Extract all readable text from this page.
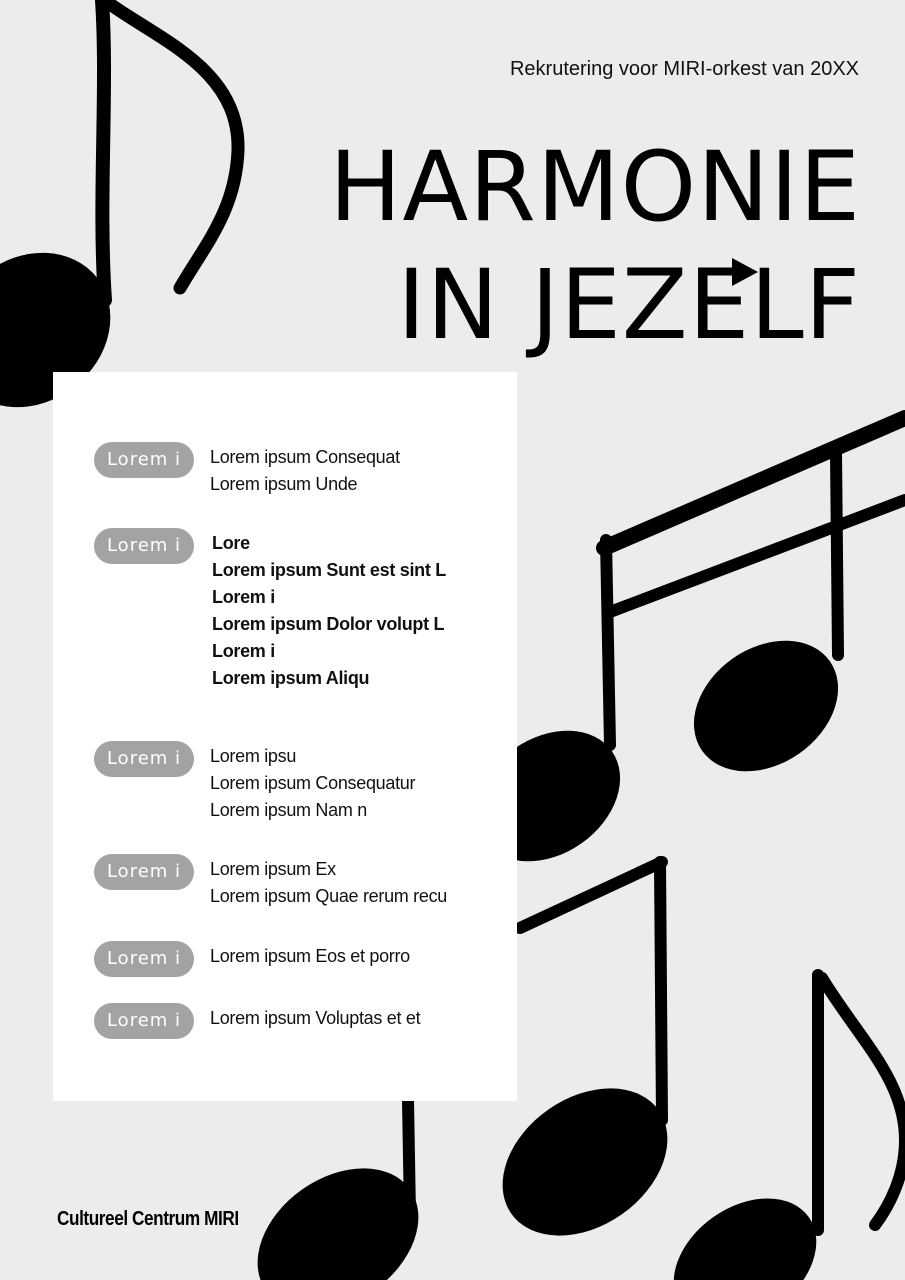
Rekrutering voor MIRI-orkest van 20XX
HARMONIE
IN JEZELF
Lorem i	Lorem ipsum Consequat
Lorem ipsum Unde
Lorem i	Lore
Lorem ipsum Sunt est sint L
Lorem i
Lorem ipsum Dolor volupt L
Lorem i
Lorem ipsum Aliqu
Lorem i	Lorem ipsu
Lorem ipsum Consequatur
Lorem ipsum Nam n
Lorem i	Lorem ipsum Ex
Lorem ipsum Quae rerum recu
Lorem i	Lorem ipsum Eos et porro
Lorem i	Lorem ipsum Voluptas et et
Cultureel Centrum MIRI
